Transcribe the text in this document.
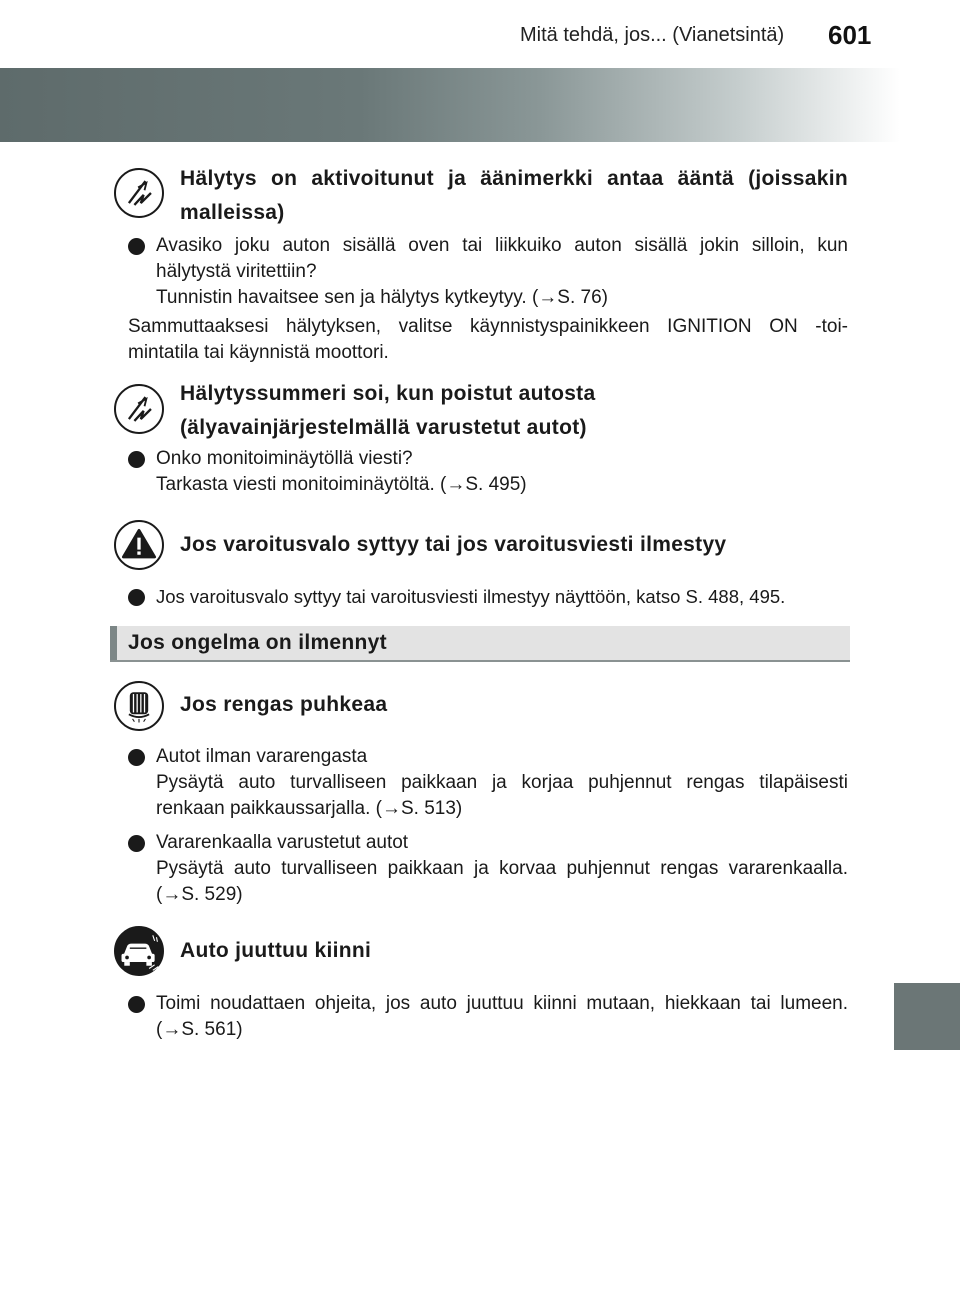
Mitä tehdä, jos... (Vianetsintä) 601
Hälytys on aktivoitunut ja äänimerkki antaa ääntä (joissakin
malleissa)
Avasiko joku auton sisällä oven tai liikkuiko auton sisällä jokin silloin, kun
hälytystä viritettiin?
Tunnistin havaitsee sen ja hälytys kytkeytyy. (→S. 76)
Sammuttaaksesi hälytyksen, valitse käynnistyspainikkeen IGNITION ON -toi-
mintatila tai käynnistä moottori.
Hälytyssummeri soi, kun poistut autosta
(älyavainjärjestelmällä varustetut autot)
Onko monitoiminäytöllä viesti?
Tarkasta viesti monitoiminäytöltä. (→S. 495)
Jos varoitusvalo syttyy tai jos varoitusviesti ilmestyy
Jos varoitusvalo syttyy tai varoitusviesti ilmestyy näyttöön, katso S. 488, 495.
Jos ongelma on ilmennyt
Jos rengas puhkeaa
Autot ilman vararengasta
Pysäytä auto turvalliseen paikkaan ja korjaa puhjennut rengas tilapäisesti
renkaan paikkaussarjalla. (→S. 513)
Vararenkaalla varustetut autot
Pysäytä auto turvalliseen paikkaan ja korvaa puhjennut rengas vararenkaalla.
(→S. 529)
Auto juuttuu kiinni
Toimi noudattaen ohjeita, jos auto juuttuu kiinni mutaan, hiekkaan tai lumeen.
(→S. 561)
